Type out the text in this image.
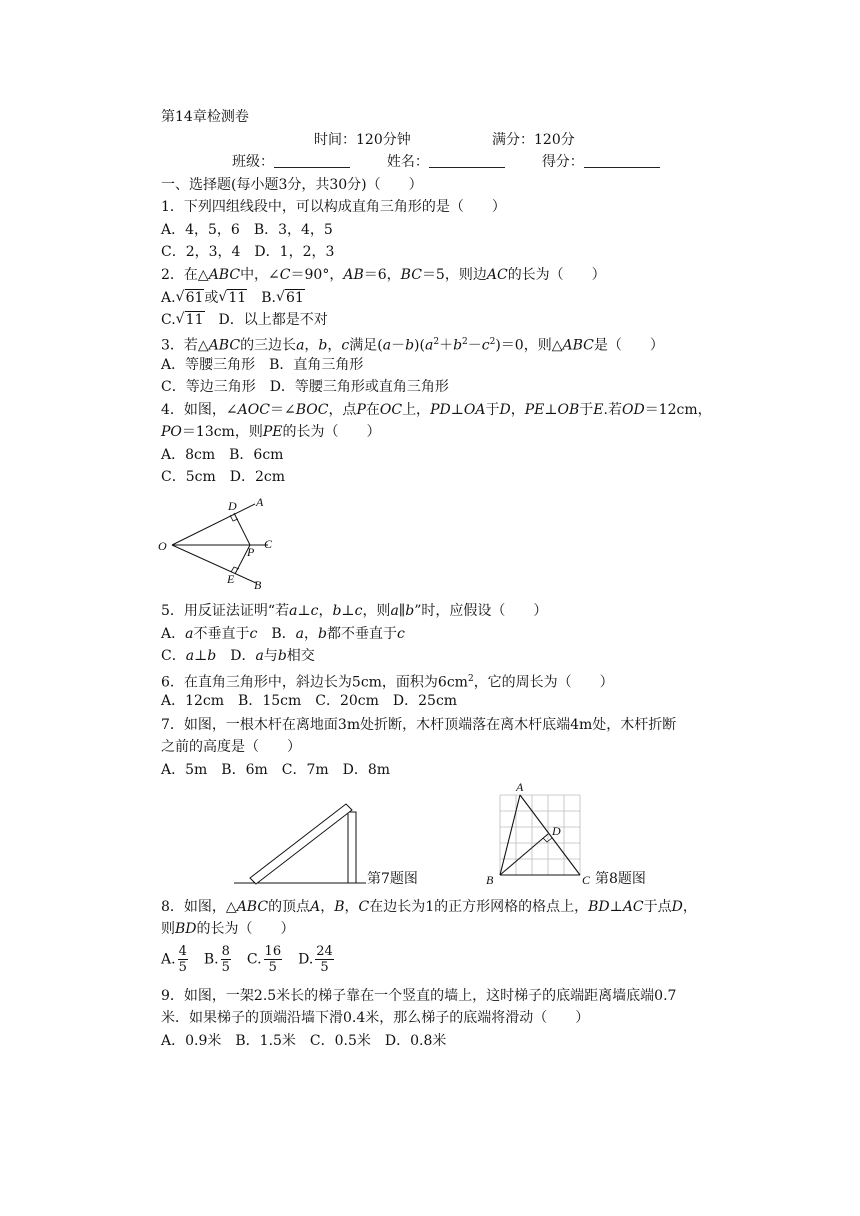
第14章检测卷
时间：120分钟	满分：120分
班级：	姓名：	得分：
一、选择题(每小题3分，共30分)（　　）
1．下列四组线段中，可以构成直角三角形的是（　　）
A．4，5，6　B．3，4，5
C．2，3，4　D．1，2，3
2．在△ABC中，∠C＝90°，AB＝6，BC＝5，则边AC的长为（　　）
A. √ 61或 √ 11　B. √ 61
C. √ 11　D．以上都是不对
3．若△ABC的三边长a，b，c满足$(a-b)(a^2+b^2-c^2)=0$，则△ABC是（　　）
A．等腰三角形　B．直角三角形
C．等边三角形　D．等腰三角形或直角三角形
4．如图，∠AOC＝∠BOC，点P在OC上，PD⊥OA于D，PE⊥OB于E.若OD＝12cm，
PO＝13cm，则PE的长为（　　）
A．8cm　B．6cm
C．5cm　D．2cm
O
D A
C
P
E B
5．用反证法证明“若a⊥c，b⊥c，则a∥b”时，应假设（　　）
A．a不垂直于c　B．a，b都不垂直于c
C．a⊥b　D．a与b相交
6．在直角三角形中，斜边长为5cm，面积为$6cm^2$，它的周长为（　　）
A．12cm　B．15cm　C．20cm　D．25cm
7．如图，一根木杆在离地面3m处折断，木杆顶端落在离木杆底端4m处，木杆折断
之前的高度是（　　）
A．5m　B．6m　C．7m　D．8m
第7题图
A
D
B	C 第8题图
8．如图，△ABC的顶点A，B，C在边长为1的正方形网格的格点上，BD⊥AC于点D，
则BD的长为（　　）
A. $\frac{4}{5}$ 　B. $\frac{8}{5}$ 　C. $\frac{16}{5}$ 　D. $\frac{24}{5}$
9．如图，一架2.5米长的梯子靠在一个竖直的墙上，这时梯子的底端距离墙底端0.7
米．如果梯子的顶端沿墙下滑0.4米，那么梯子的底端将滑动（　　）
A．0.9米　B．1.5米　C．0.5米　D．0.8米
